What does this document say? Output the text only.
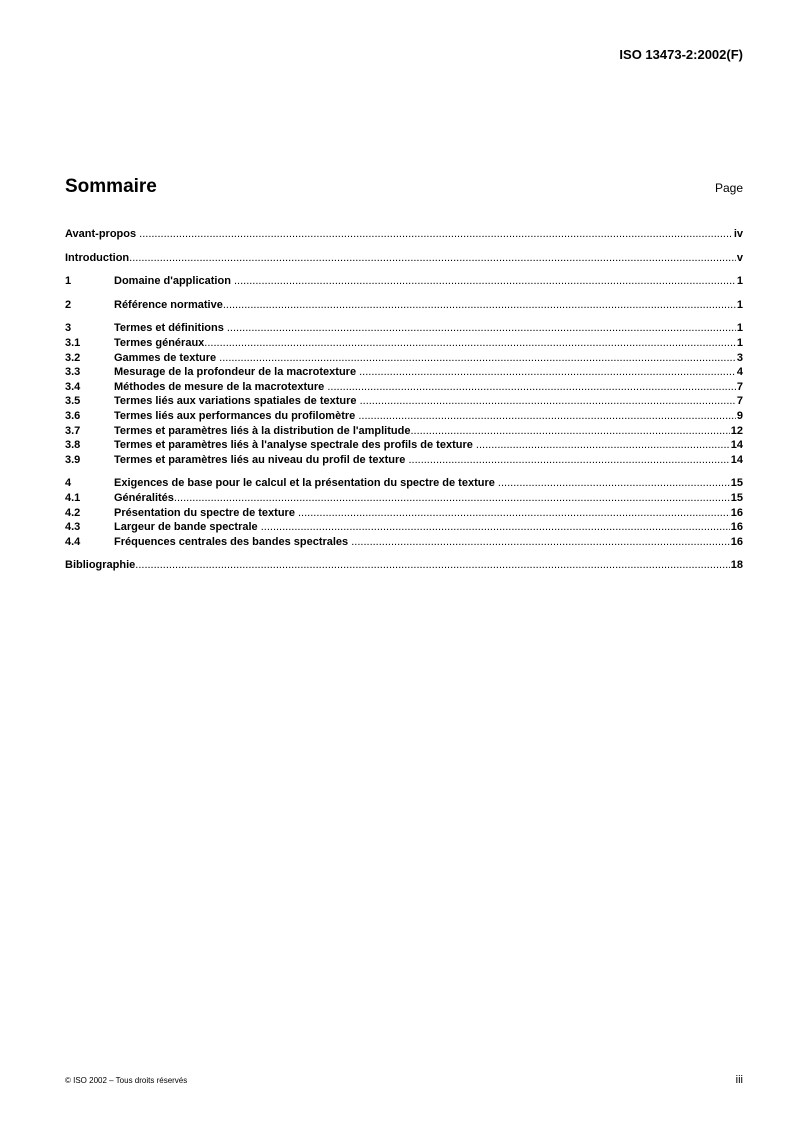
ISO 13473-2:2002(F)
Sommaire	Page
Avant-propos .....	iv
Introduction .....	v
1	Domaine d'application .....	1
2	Référence normative .....	1
3	Termes et définitions .....	1
3.1	Termes généraux .....	1
3.2	Gammes de texture .....	3
3.3	Mesurage de la profondeur de la macrotexture .....	4
3.4	Méthodes de mesure de la macrotexture .....	7
3.5	Termes liés aux variations spatiales de texture .....	7
3.6	Termes liés aux performances du profilomètre .....	9
3.7	Termes et paramètres liés à la distribution de l'amplitude .....	12
3.8	Termes et paramètres liés à l'analyse spectrale des profils de texture .....	14
3.9	Termes et paramètres liés au niveau du profil de texture .....	14
4	Exigences de base pour le calcul et la présentation du spectre de texture .....	15
4.1	Généralités .....	15
4.2	Présentation du spectre de texture .....	16
4.3	Largeur de bande spectrale .....	16
4.4	Fréquences centrales des bandes spectrales .....	16
Bibliographie .....	18
© ISO 2002 – Tous droits réservés	iii
